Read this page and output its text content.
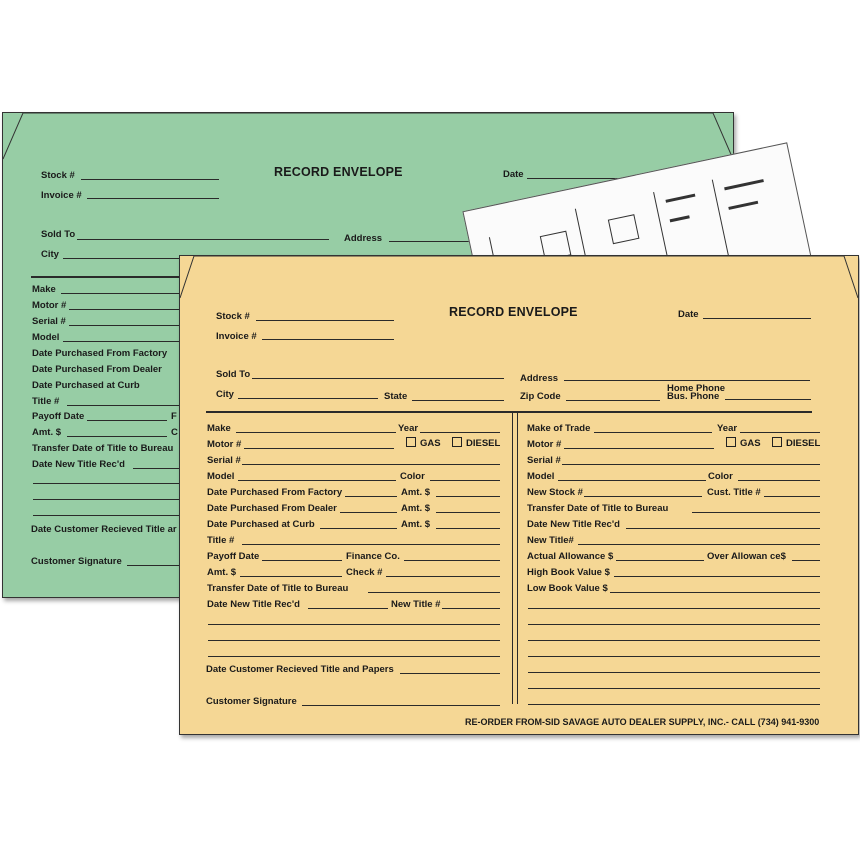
Stock #	RECORD ENVELOPE	Date
Invoice #
Sold To	Address
City
Make
Motor #
Serial #
Model
Date Purchased From Factory
Date Purchased From Dealer
Date Purchased at Curb
Title #
Payoff Date	F
Amt. $	C
Transfer Date of Title to Bureau
Date New Title Rec'd
Date Customer Recieved Title ar
Customer Signature
Stock #	RECORD ENVELOPE	Date
Invoice #
Sold To	Address
City	State	Zip Code
Home Phone
Bus. Phone
Make	Year
Motor #	GAS	DIESEL
Serial #
Model	Color
Date Purchased From Factory	Amt. $
Date Purchased From Dealer	Amt. $
Date Purchased at Curb	Amt. $
Title #
Payoff Date	Finance Co.
Amt. $	Check #
Transfer Date of Title to Bureau
Date New Title Rec'd	New Title #
Date Customer Recieved Title and Papers
Customer Signature
Make of Trade	Year
Motor #	GAS	DIESEL
Serial #
Model	Color
New Stock #	Cust. Title #
Transfer Date of Title to Bureau
Date New Title Rec'd
New Title#
Actual Allowance $	Over Allowan ce$
High Book Value $
Low Book Value $
RE-ORDER FROM-SID SAVAGE AUTO DEALER SUPPLY, INC.- CALL (734) 941-9300
